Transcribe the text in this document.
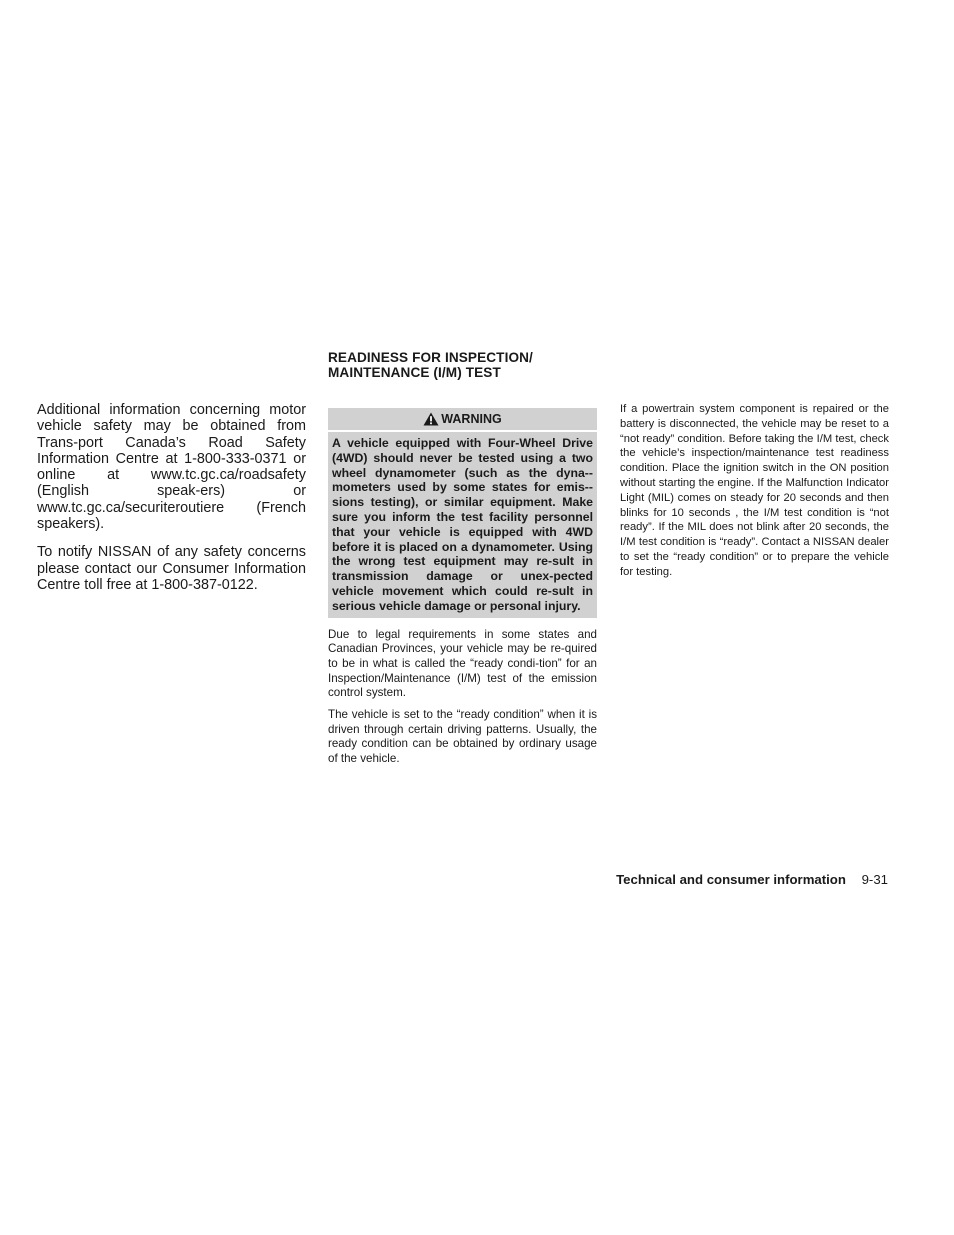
Additional information concerning motor vehicle safety may be obtained from Trans-port Canada’s Road Safety Information Centre at 1-800-333-0371 or online at www.tc.gc.ca/roadsafety (English speak-ers) or www.tc.gc.ca/securiteroutiere (French speakers).

To notify NISSAN of any safety concerns please contact our Consumer Information Centre toll free at 1-800-387-0122.

READINESS FOR INSPECTION/
MAINTENANCE (I/M) TEST
WARNING
A vehicle equipped with Four-Wheel Drive (4WD) should never be tested using a two wheel dynamometer (such as the dyna-mometers used by some states for emis-sions testing), or similar equipment. Make sure you inform the test facility personnel that your vehicle is equipped with 4WD before it is placed on a dynamometer. Using the wrong test equipment may re-sult in transmission damage or unex-pected vehicle movement which could re-sult in serious vehicle damage or personal injury.

Due to legal requirements in some states and Canadian Provinces, your vehicle may be re-quired to be in what is called the “ready condi-tion” for an Inspection/Maintenance (I/M) test of the emission control system.

The vehicle is set to the “ready condition” when it is driven through certain driving patterns. Usually, the ready condition can be obtained by ordinary usage of the vehicle.

If a powertrain system component is repaired or the battery is disconnected, the vehicle may be reset to a “not ready” condition. Before taking the I/M test, check the vehicle’s inspection/maintenance test readiness condition. Place the ignition switch in the ON position without starting the engine. If the Malfunction Indicator Light (MIL) comes on steady for 20 seconds and then blinks for 10 seconds , the I/M test condition is “not ready”. If the MIL does not blink after 20 seconds, the I/M test condition is “ready”. Contact a NISSAN dealer to set the “ready condition” or to prepare the vehicle for testing.

Technical and consumer information 9-31
